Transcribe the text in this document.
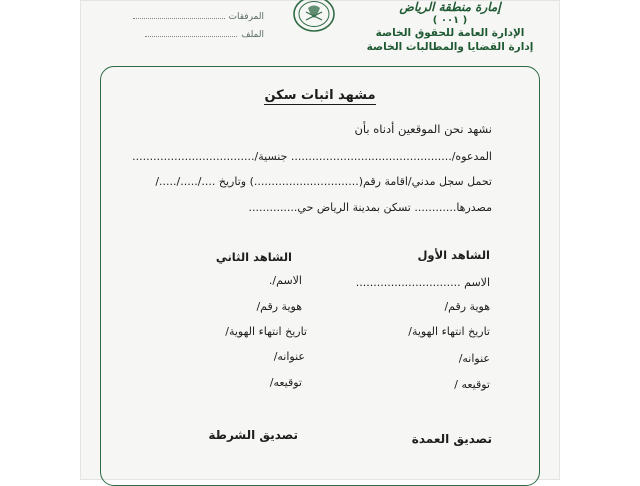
إمارة منطقة الرياض
( ٠٠١ )
الإدارة العامة للحقوق الخاصة
إدارة القضايا والمطالبات الخاصة
المرفقات
الملف
مشهد اثبات سكن
نشهد نحن الموقعين أدناه بأن
المدعوه/.............................................. جنسية/...................................
تحمل سجل مدني/اقامة رقم(..............................) وتاريخ ..../...../...../
مصدرها............ تسكن بمدينة الرياض حي..............
الشاهد الأول
الشاهد الثاني
الاسم ..............................
الاسم/.
هوية رقم/
هوية رقم/
تاريخ انتهاء الهوية/
تاريخ انتهاء الهوية/
عنوانه/
عنوانه/
توقيعه /
توقيعه/
تصديق العمدة
تصديق الشرطة
